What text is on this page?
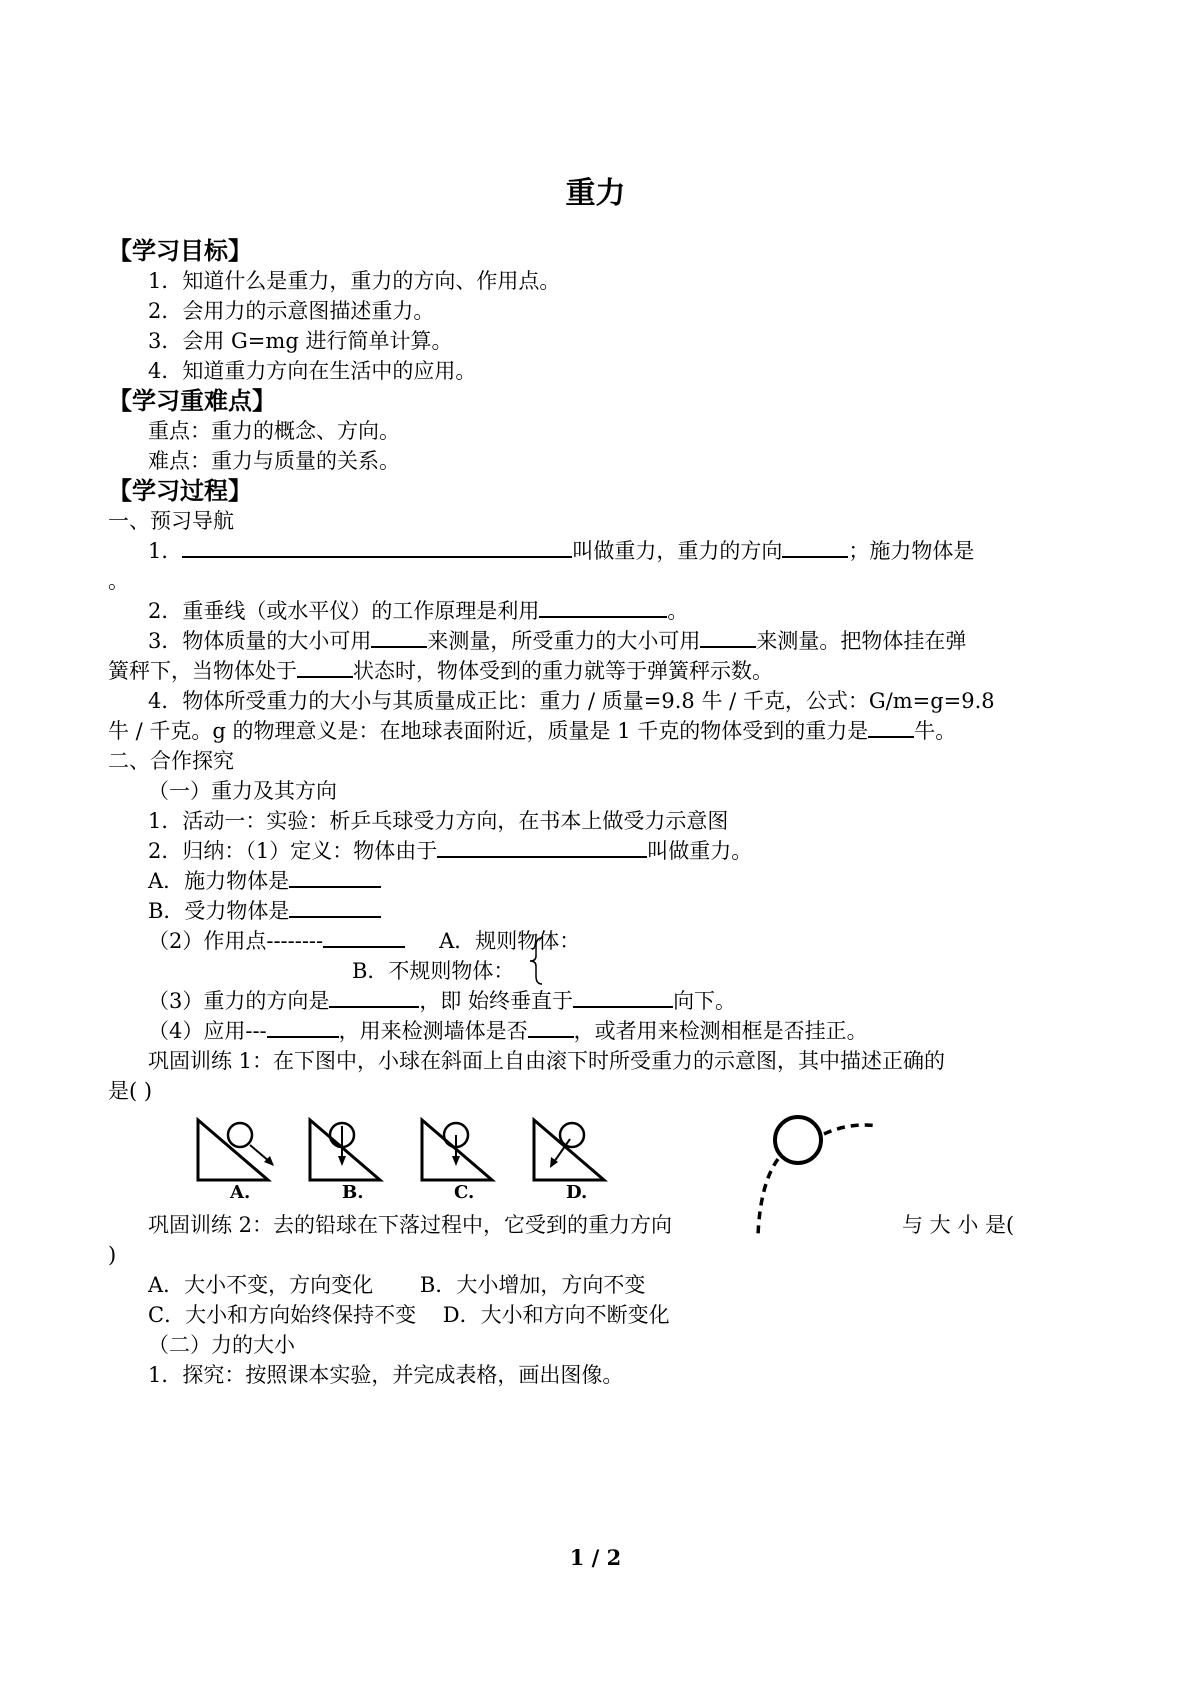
重力
【学习目标】
1．知道什么是重力，重力的方向、作用点。
2．会用力的示意图描述重力。
3．会用 G=mg 进行简单计算。
4．知道重力方向在生活中的应用。
【学习重难点】
重点：重力的概念、方向。
难点：重力与质量的关系。
【学习过程】
一、预习导航
1．	叫做重力，重力的方向	；施力物体是
。
2．重垂线（或水平仪）的工作原理是利用	。
3．物体质量的大小可用	来测量，所受重力的大小可用	来测量。把物体挂在弹
簧秤下，当物体处于	状态时，物体受到的重力就等于弹簧秤示数。
4．物体所受重力的大小与其质量成正比：重力 / 质量=9.8 牛 / 千克，公式：G/m=g=9.8
牛 / 千克。g 的物理意义是：在地球表面附近，质量是 1 千克的物体受到的重力是 牛。
二、合作探究
（一）重力及其方向
1．活动一：实验：析乒乓球受力方向，在书本上做受力示意图
2．归纳：（1）定义：物体由于	叫做重力。
A．施力物体是
B．受力物体是
（2）作用点--------	A．规则物体：
B．不规则物体：
（3）重力的方向是	，即 始终垂直于	向下。
（4）应用---	，用来检测墙体是否 ，或者用来检测相框是否挂正。
巩固训练 1：在下图中，小球在斜面上自由滚下时所受重力的示意图，其中描述正确的
是( )
A.	B.	C.	D.
巩固训练 2：去的铅球在下落过程中，它受到的重力方向	与 大 小 是(
)
A．大小不变，方向变化       B．大小增加，方向不变
C．大小和方向始终保持不变    D．大小和方向不断变化
（二）力的大小
1．探究：按照课本实验，并完成表格，画出图像。
1 / 2
